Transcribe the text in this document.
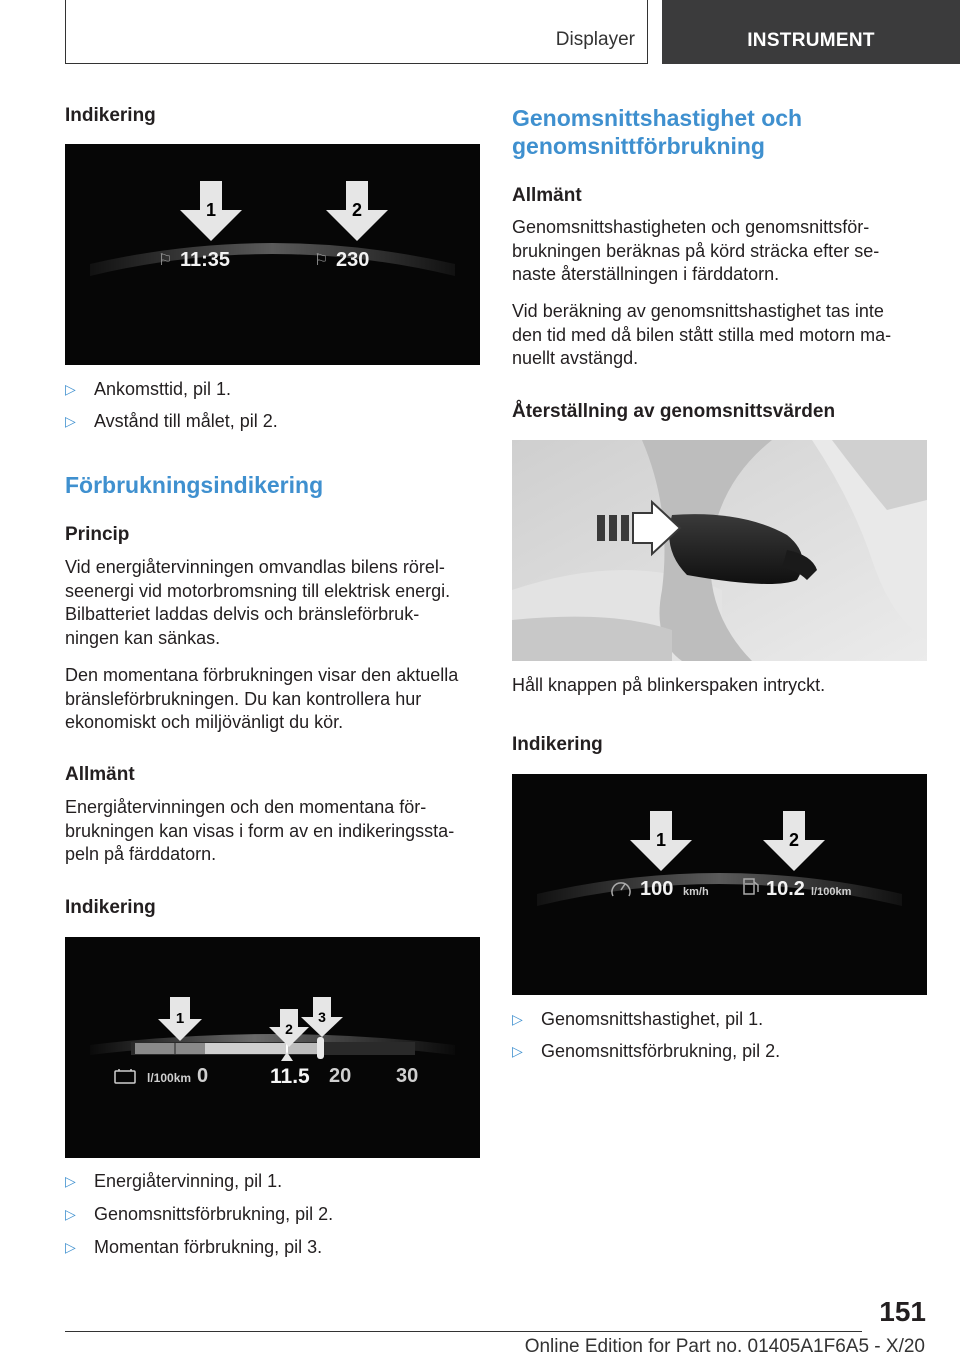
Displayer	INSTRUMENT
Indikering
1	2
⚐ 11:35	⚐ 230
▷ Ankomsttid, pil 1.
▷ Avstånd till målet, pil 2.
Förbrukningsindikering
Princip
Vid energiåtervinningen omvandlas bilens rörel-
seenergi vid motorbromsning till elektrisk energi.
Bilbatteriet laddas delvis och bränsleförbruk-
ningen kan sänkas.
Den momentana förbrukningen visar den aktuella
bränsleförbrukningen. Du kan kontrollera hur
ekonomiskt och miljövänligt du kör.
Allmänt
Energiåtervinningen och den momentana för-
brukningen kan visas i form av en indikeringssta-
peln på färddatorn.
Indikering
1
2
3
l/100km 0	11.5 20 30
▷ Energiåtervinning, pil 1.
▷ Genomsnittsförbrukning, pil 2.
▷ Momentan förbrukning, pil 3.
Genomsnittshastighet och
genomsnittförbrukning
Allmänt
Genomsnittshastigheten och genomsnittsför-
brukningen beräknas på körd sträcka efter se-
naste återställningen i färddatorn.
Vid beräkning av genomsnittshastighet tas inte
den tid med då bilen stått stilla med motorn ma-
nuellt avstängd.
Återställning av genomsnittsvärden
Håll knappen på blinkerspaken intryckt.
Indikering
1	2
100 km/h	10.2 l/100km
▷ Genomsnittshastighet, pil 1.
▷ Genomsnittsförbrukning, pil 2.
151
Online Edition for Part no. 01405A1F6A5 - X/20
